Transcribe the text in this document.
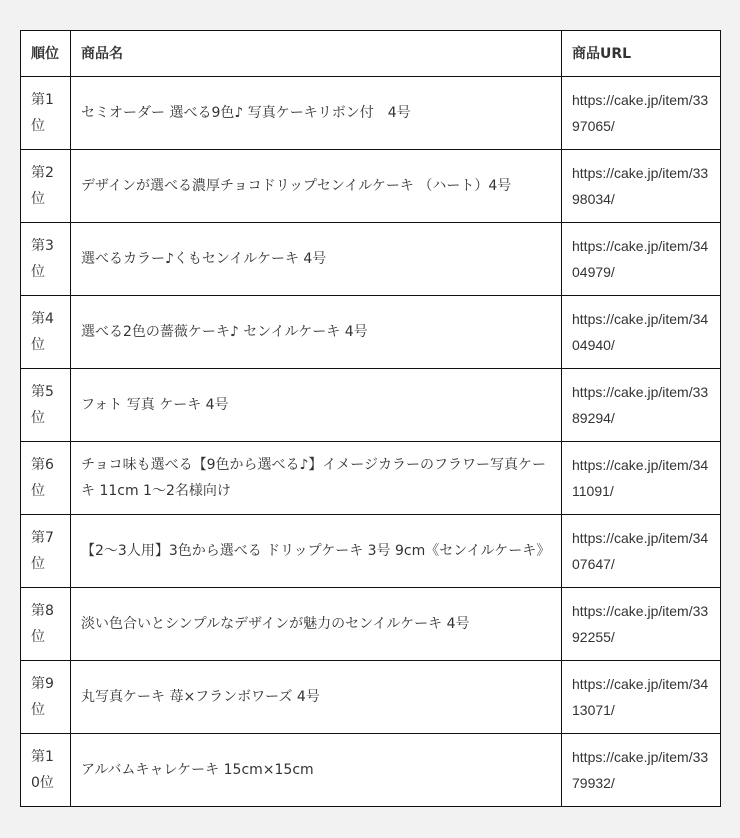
順位	商品名	商品URL
第1位	セミオーダー 選べる9色♪ 写真ケーキリボン付　4号	https://cake.jp/item/3397065/
第2位	デザインが選べる濃厚チョコドリップセンイルケーキ （ハート）4号	https://cake.jp/item/3398034/
第3位	選べるカラー♪くもセンイルケーキ 4号	https://cake.jp/item/3404979/
第4位	選べる2色の薔薇ケーキ♪ センイルケーキ 4号	https://cake.jp/item/3404940/
第5位	フォト 写真 ケーキ 4号	https://cake.jp/item/3389294/
第6位	チョコ味も選べる【9色から選べる♪】イメージカラーのフラワー写真ケーキ 11cm 1〜2名様向け	https://cake.jp/item/3411091/
第7位	【2〜3人用】3色から選べる ドリップケーキ 3号 9cm《センイルケーキ》	https://cake.jp/item/3407647/
第8位	淡い色合いとシンプルなデザインが魅力のセンイルケーキ 4号	https://cake.jp/item/3392255/
第9位	丸写真ケーキ 苺×フランボワーズ 4号	https://cake.jp/item/3413071/
第10位	アルバムキャレケーキ 15cm×15cm	https://cake.jp/item/3379932/
